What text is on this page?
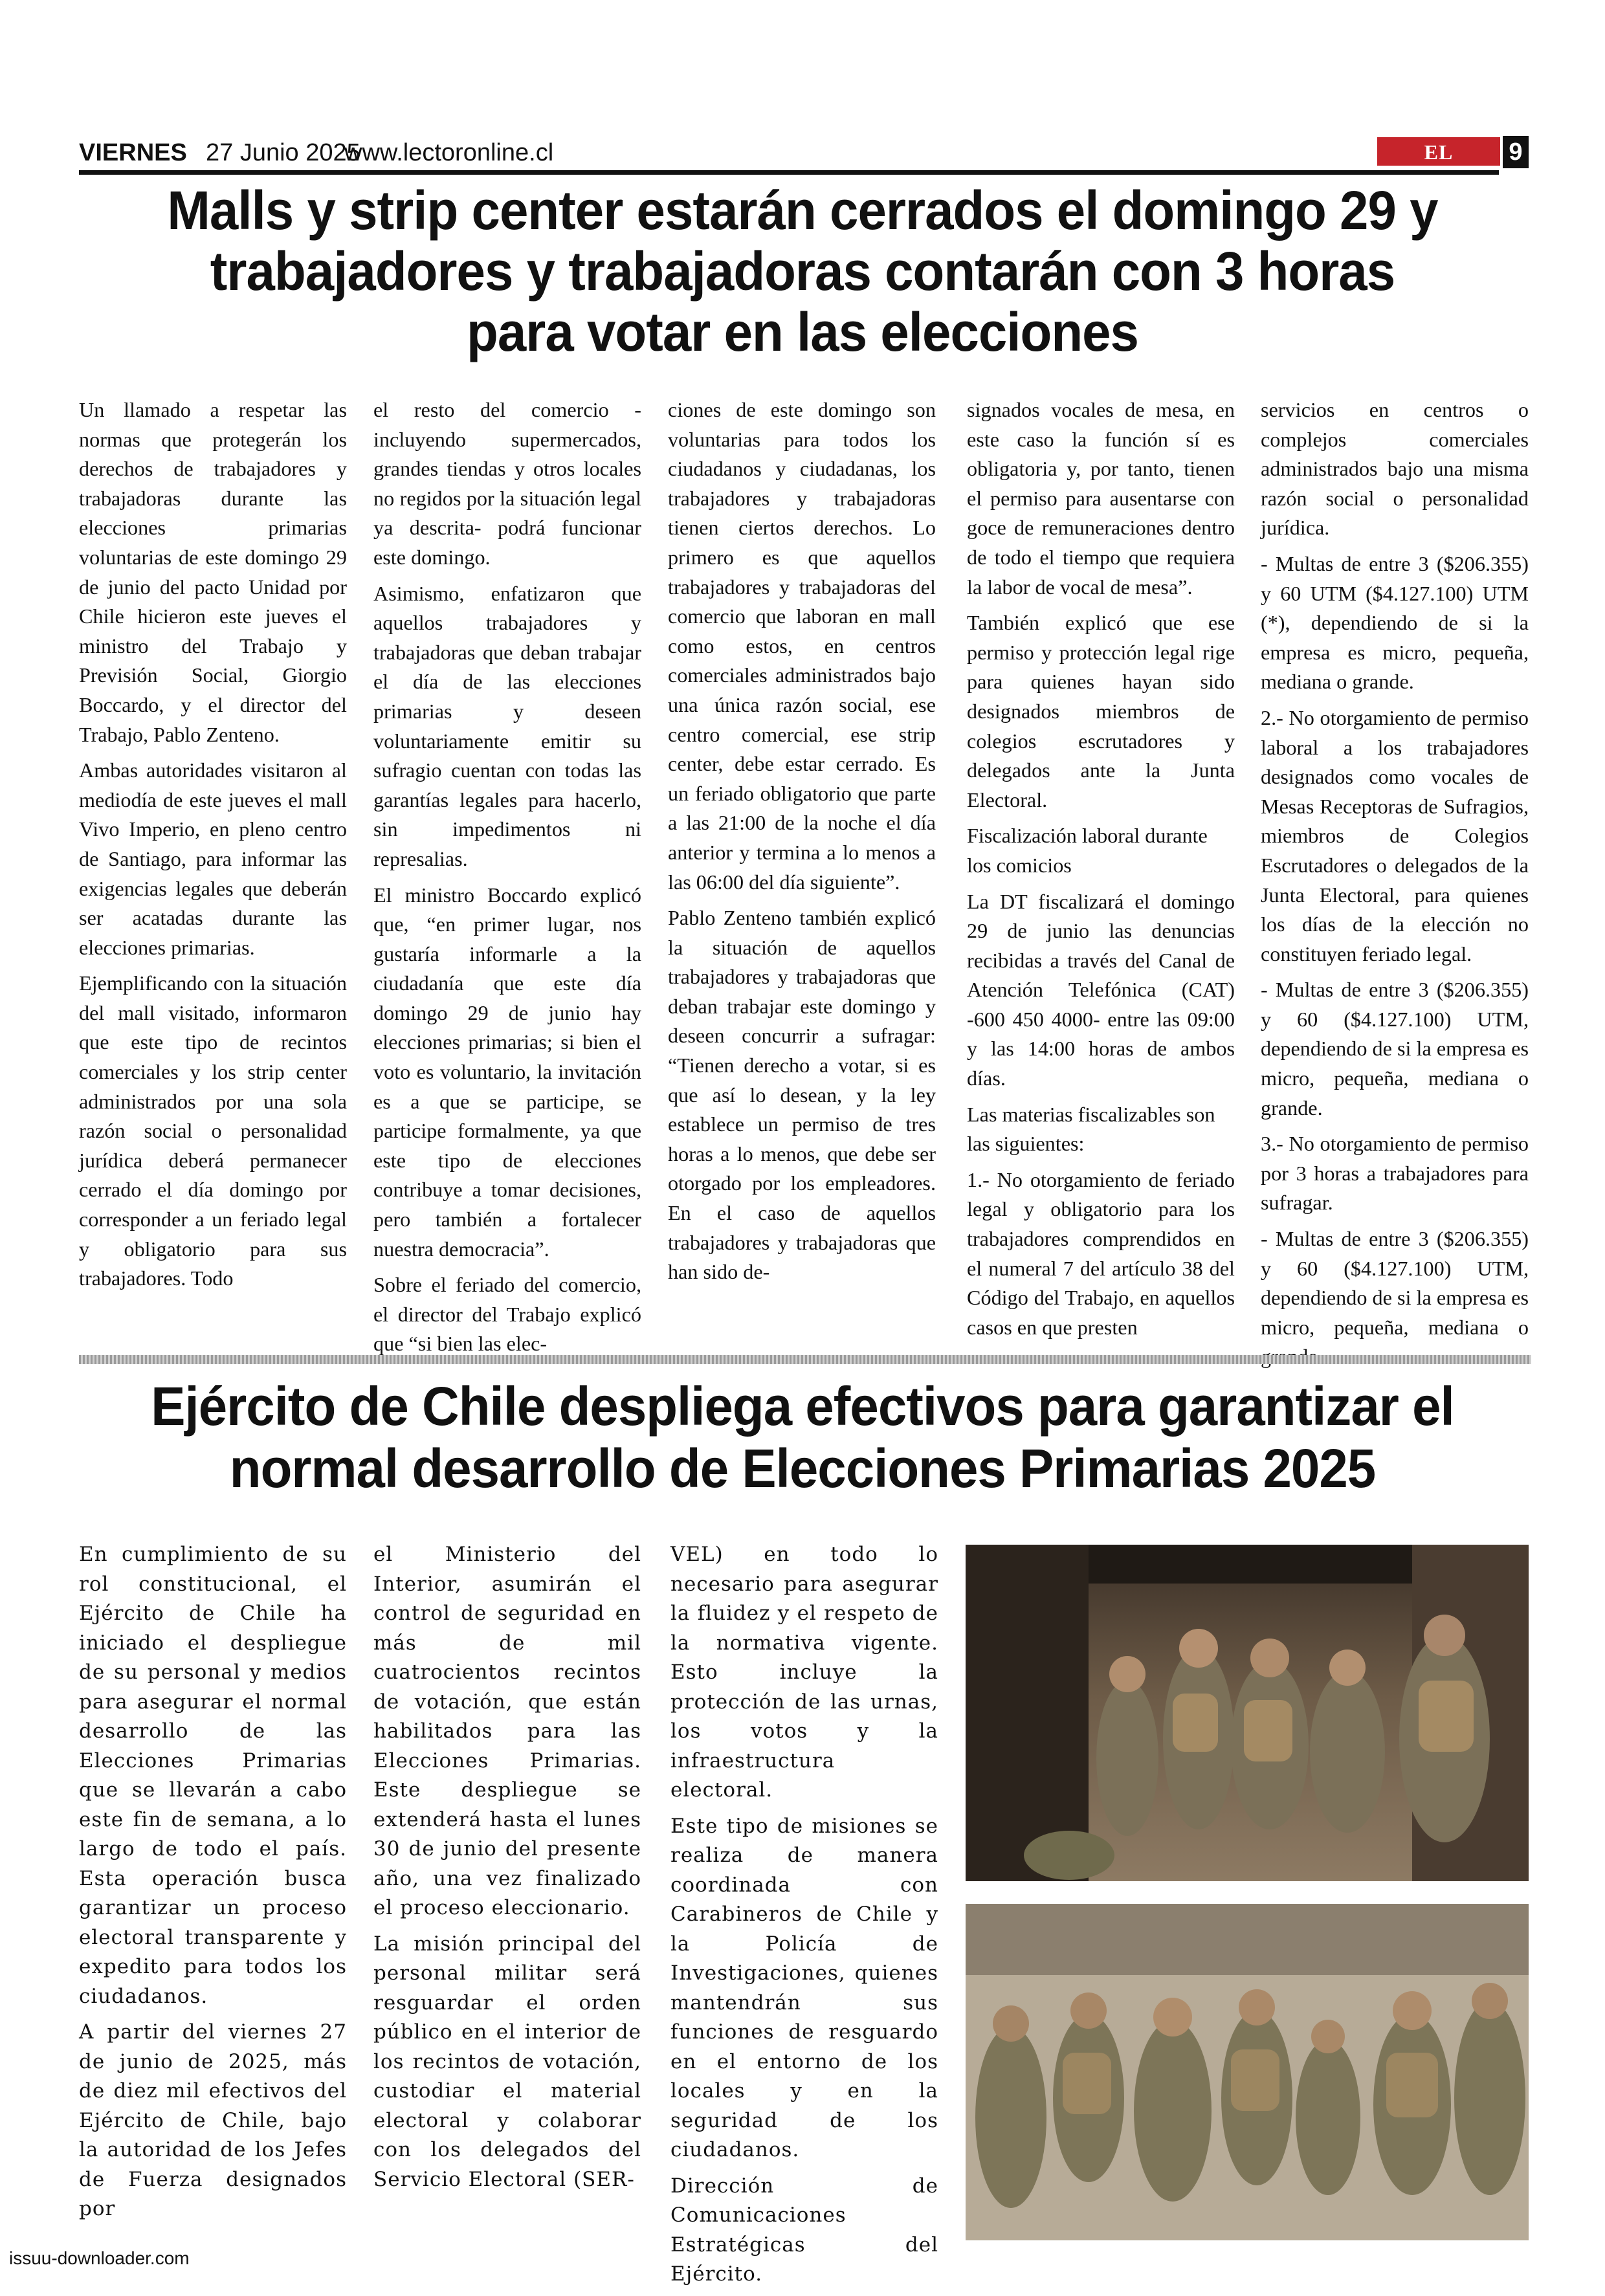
VIERNES 27 Junio 2025
www.lectoronline.cl	EL LECTOR
9
Malls y strip center estarán cerrados el domingo 29 y
trabajadores y trabajadoras contarán con 3 horas
para votar en las elecciones

Un llamado a respetar las normas que protegerán los derechos de trabajadores y trabajadoras durante las elecciones primarias voluntarias de este domingo 29 de junio del pacto Unidad por Chile hicieron este jueves el ministro del Trabajo y Previsión Social, Giorgio Boccardo, y el director del Trabajo, Pablo Zenteno.

Ambas autoridades visitaron al mediodía de este jueves el mall Vivo Imperio, en pleno centro de Santiago, para informar las exigencias legales que deberán ser acatadas durante las elecciones primarias.

Ejemplificando con la situación del mall visitado, informaron que este tipo de recintos comerciales y los strip center administrados por una sola razón social o personalidad jurídica deberá permanecer cerrado el día domingo por corresponder a un feriado legal y obligatorio para sus trabajadores. Todo

el resto del comercio -incluyendo supermercados, grandes tiendas y otros locales no regidos por la situación legal ya descrita- podrá funcionar este domingo.

Asimismo, enfatizaron que aquellos trabajadores y trabajadoras que deban trabajar el día de las elecciones primarias y deseen voluntariamente emitir su sufragio cuentan con todas las garantías legales para hacerlo, sin impedimentos ni represalias.

El ministro Boccardo explicó que, “en primer lugar, nos gustaría informarle a la ciudadanía que este día domingo 29 de junio hay elecciones primarias; si bien el voto es voluntario, la invitación es a que se participe, se participe formalmente, ya que este tipo de elecciones contribuye a tomar decisiones, pero también a fortalecer nuestra democracia”.

Sobre el feriado del comercio, el director del Trabajo explicó que “si bien las elec-

ciones de este domingo son voluntarias para todos los ciudadanos y ciudadanas, los trabajadores y trabajadoras tienen ciertos derechos. Lo primero es que aquellos trabajadores y trabajadoras del comercio que laboran en mall como estos, en centros comerciales administrados bajo una única razón social, ese centro comercial, ese strip center, debe estar cerrado. Es un feriado obligatorio que parte a las 21:00 de la noche el día anterior y termina a lo menos a las 06:00 del día siguiente”.

Pablo Zenteno también explicó la situación de aquellos trabajadores y trabajadoras que deban trabajar este domingo y deseen concurrir a sufragar: “Tienen derecho a votar, si es que así lo desean, y la ley establece un permiso de tres horas a lo menos, que debe ser otorgado por los empleadores. En el caso de aquellos trabajadores y trabajadoras que han sido de-

signados vocales de mesa, en este caso la función sí es obligatoria y, por tanto, tienen el permiso para ausentarse con goce de remuneraciones dentro de todo el tiempo que requiera la labor de vocal de mesa”.

También explicó que ese permiso y protección legal rige para quienes hayan sido designados miembros de colegios escrutadores y delegados ante la Junta Electoral.

Fiscalización laboral durante los comicios

La DT fiscalizará el domingo 29 de junio las denuncias recibidas a través del Canal de Atención Telefónica (CAT) -600 450 4000- entre las 09:00 y las 14:00 horas de ambos días.

Las materias fiscalizables son las siguientes:

1.- No otorgamiento de feriado legal y obligatorio para los trabajadores comprendidos en el numeral 7 del artículo 38 del Código del Trabajo, en aquellos casos en que presten

servicios en centros o complejos comerciales administrados bajo una misma razón social o personalidad jurídica.

- Multas de entre 3 ($206.355) y 60 UTM ($4.127.100) UTM (*), dependiendo de si la empresa es micro, pequeña, mediana o grande.

2.- No otorgamiento de permiso laboral a los trabajadores designados como vocales de Mesas Receptoras de Sufragios, miembros de Colegios Escrutadores o delegados de la Junta Electoral, para quienes los días de la elección no constituyen feriado legal.

- Multas de entre 3 ($206.355) y 60 ($4.127.100) UTM, dependiendo de si la empresa es micro, pequeña, mediana o grande.

3.- No otorgamiento de permiso por 3 horas a trabajadores para sufragar.

- Multas de entre 3 ($206.355) y 60 ($4.127.100) UTM, dependiendo de si la empresa es micro, pequeña, mediana o

Ejército de Chile despliega efectivos para garantizar el
normal desarrollo de Elecciones Primarias 2025

En cumplimiento de su rol constitucional, el Ejército de Chile ha iniciado el despliegue de su personal y medios para asegurar el normal desarrollo de las Elecciones Primarias que se llevarán a cabo este fin de semana, a lo largo de todo el país. Esta operación busca garantizar un proceso electoral transparente y expedito para todos los ciudadanos.

A partir del viernes 27 de junio de 2025, más de diez mil efectivos del Ejército de Chile, bajo la autoridad de los Jefes de Fuerza designados por

el Ministerio del Interior, asumirán el control de seguridad en más de mil cuatrocientos recintos de votación, que están habilitados para las Elecciones Primarias. Este despliegue se extenderá hasta el lunes 30 de junio del presente año, una vez finalizado el proceso eleccionario.

La misión principal del personal militar será resguardar el orden público en el interior de los recintos de votación, custodiar el material electoral y colaborar con los delegados del Servicio Electoral (SER-

VEL) en todo lo necesario para asegurar la fluidez y el respeto de la normativa vigente. Esto incluye la protección de las urnas, los votos y la infraestructura electoral.

Este tipo de misiones se realiza de manera coordinada con Carabineros de Chile y la Policía de Investigaciones, quienes mantendrán sus funciones de resguardo en el entorno de los locales y en la seguridad de los ciudadanos.

Dirección de Comunicaciones Estratégicas del Ejército.

issuu-downloader.com
